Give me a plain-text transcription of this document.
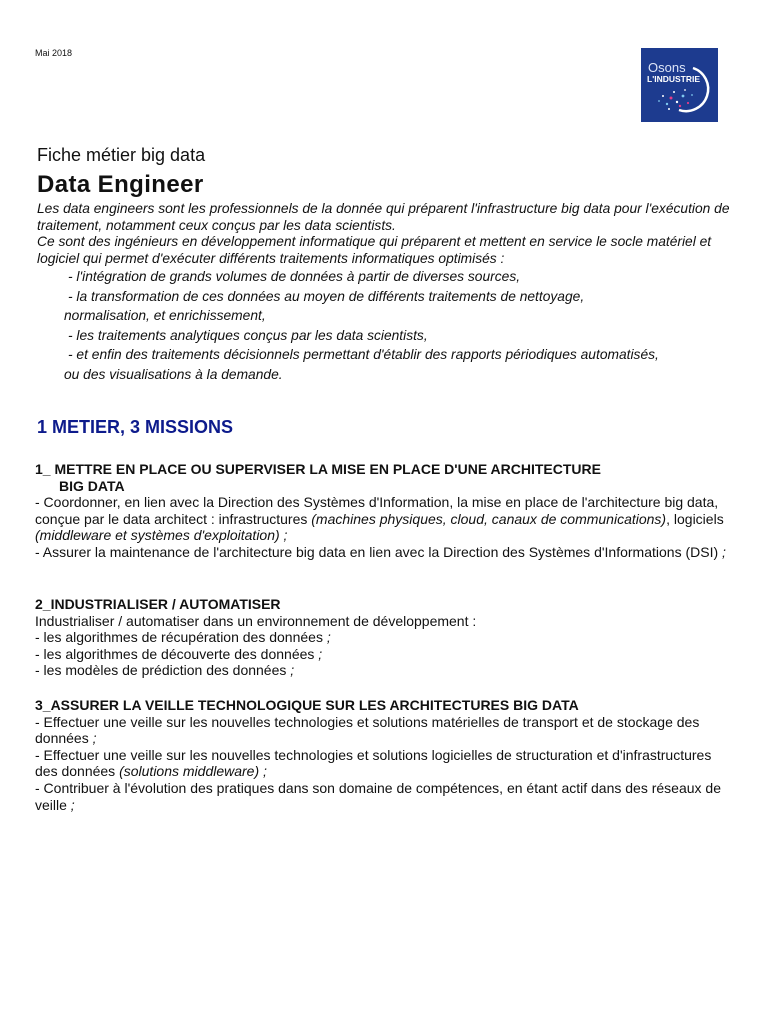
Mai 2018
Osons
L'INDUSTRIE
Fiche métier big data
Data Engineer

Les data engineers sont les professionnels de la donnée qui préparent l'infrastructure big data pour l'exécution de traitement, notamment ceux conçus par les data scientists.

Ce sont des ingénieurs en développement informatique qui préparent et mettent en service le socle matériel et logiciel qui permet d'exécuter différents traitements informatiques optimisés :

- l'intégration de grands volumes de données à partir de diverses sources,

- la transformation de ces données au moyen de différents traitements de nettoyage,

normalisation, et enrichissement,

- les traitements analytiques conçus par les data scientists,

- et enfin des traitements décisionnels permettant d'établir des rapports périodiques automatisés,

ou des visualisations à la demande.

1 METIER, 3 MISSIONS
1_ METTRE EN PLACE OU SUPERVISER LA MISE EN PLACE D'UNE ARCHITECTURE
BIG DATA

- Coordonner, en lien avec la Direction des Systèmes d'Information, la mise en place de l'architecture big data, conçue par le data architect : infrastructures (machines physiques, cloud, canaux de communications), logiciels (middleware et systèmes d'exploitation) ;

- Assurer la maintenance de l'architecture big data en lien avec la Direction des Systèmes d'Informations (DSI) ;

2_INDUSTRIALISER / AUTOMATISER

Industrialiser / automatiser dans un environnement de développement :

- les algorithmes de récupération des données ;

- les algorithmes de découverte des données ;

- les modèles de prédiction des données ;

3_ASSURER LA VEILLE TECHNOLOGIQUE SUR LES ARCHITECTURES BIG DATA

- Effectuer une veille sur les nouvelles technologies et solutions matérielles de transport et de stockage des données ;

- Effectuer une veille sur les nouvelles technologies et solutions logicielles de structuration et d'infrastructures des données (solutions middleware) ;

- Contribuer à l'évolution des pratiques dans son domaine de compétences, en étant actif dans des réseaux de veille ;
